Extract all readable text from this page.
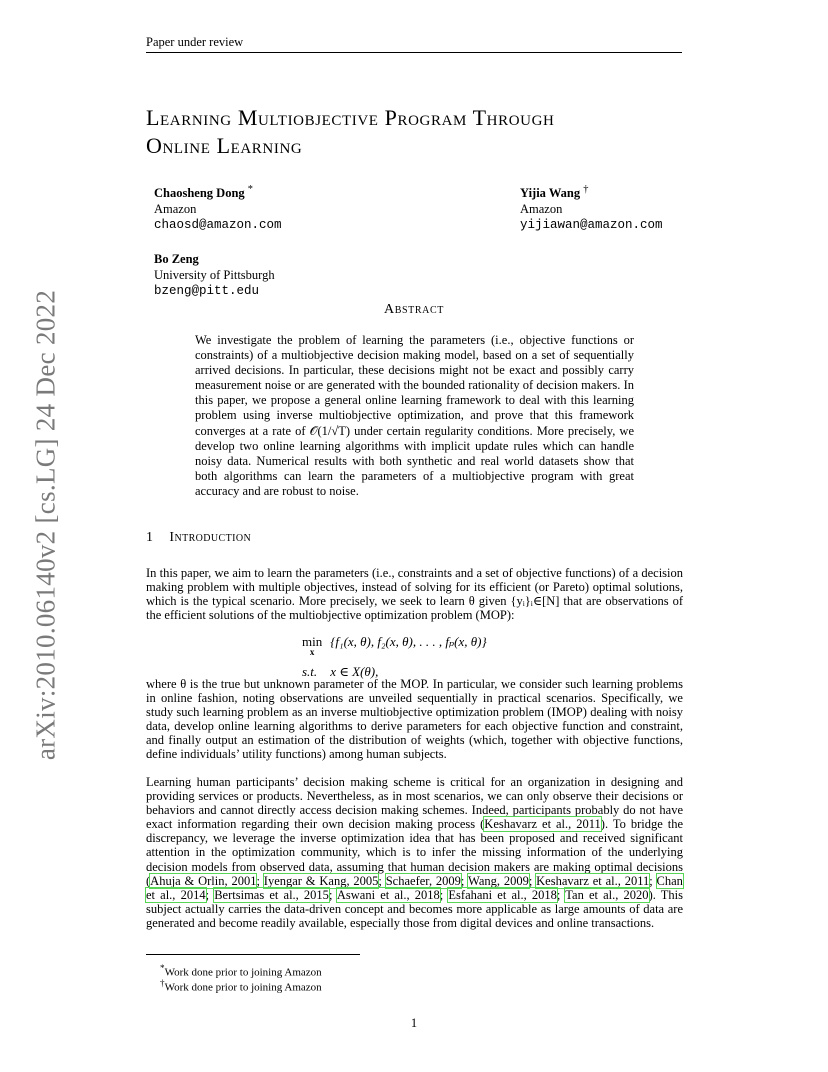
Paper under review
arXiv:2010.06140v2 [cs.LG] 24 Dec 2022
Learning Multiobjective Program Through
Online Learning
Chaosheng Dong *
Amazon
chaosd@amazon.com
Yijia Wang †
Amazon
yijiawan@amazon.com
Bo Zeng
University of Pittsburgh
bzeng@pitt.edu
Abstract
We investigate the problem of learning the parameters (i.e., objective functions or constraints) of a multiobjective decision making model, based on a set of sequentially arrived decisions. In particular, these decisions might not be exact and possibly carry measurement noise or are generated with the bounded rationality of decision makers. In this paper, we propose a general online learning framework to deal with this learning problem using inverse multiobjective optimization, and prove that this framework converges at a rate of 𝒪(1/√T) under certain regularity conditions. More precisely, we develop two online learning algorithms with implicit update rules which can handle noisy data. Numerical results with both synthetic and real world datasets show that both algorithms can learn the parameters of a multiobjective program with great accuracy and are robust to noise.
1 Introduction
In this paper, we aim to learn the parameters (i.e., constraints and a set of objective functions) of a decision making problem with multiple objectives, instead of solving for its efficient (or Pareto) optimal solutions, which is the typical scenario. More precisely, we seek to learn θ given {yᵢ}ᵢ∈[N] that are observations of the efficient solutions of the multiobjective optimization problem (MOP):
min

x	{f₁(x, θ), f₂(x, θ), . . . , fₚ(x, θ)}
s.t.	x ∈ X(θ),
where θ is the true but unknown parameter of the MOP. In particular, we consider such learning problems in online fashion, noting observations are unveiled sequentially in practical scenarios. Specifically, we study such learning problem as an inverse multiobjective optimization problem (IMOP) dealing with noisy data, develop online learning algorithms to derive parameters for each objective function and constraint, and finally output an estimation of the distribution of weights (which, together with objective functions, define individuals’ utility functions) among human subjects.
Learning human participants’ decision making scheme is critical for an organization in designing and providing services or products. Nevertheless, as in most scenarios, we can only observe their decisions or behaviors and cannot directly access decision making schemes. Indeed, participants probably do not have exact information regarding their own decision making process (Keshavarz et al., 2011). To bridge the discrepancy, we leverage the inverse optimization idea that has been proposed and received significant attention in the optimization community, which is to infer the missing information of the underlying decision models from observed data, assuming that human decision makers are making optimal decisions (Ahuja & Orlin, 2001; Iyengar & Kang, 2005; Schaefer, 2009; Wang, 2009; Keshavarz et al., 2011; Chan et al., 2014; Bertsimas et al., 2015; Aswani et al., 2018; Esfahani et al., 2018; Tan et al., 2020). This subject actually carries the data-driven concept and becomes more applicable as large amounts of data are generated and become readily available, especially those from digital devices and online transactions.
*Work done prior to joining Amazon
†Work done prior to joining Amazon
1
